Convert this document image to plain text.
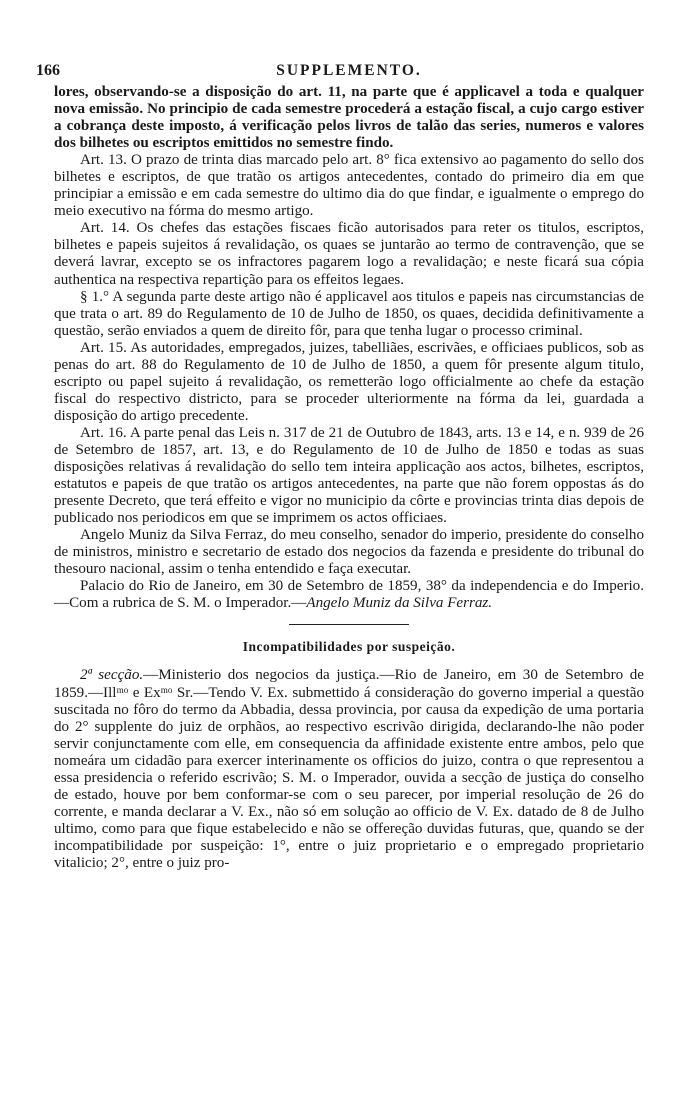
166	SUPPLEMENTO.

lores, observando-se a disposição do art. 11, na parte que é applicavel a toda e qualquer nova emissão. No principio de cada semestre procederá a estação fiscal, a cujo cargo estiver a cobrança deste imposto, á verificação pelos livros de talão das series, numeros e valores dos bilhetes ou escriptos emittidos no semestre findo.

Art. 13. O prazo de trinta dias marcado pelo art. 8° fica extensivo ao pagamento do sello dos bilhetes e escriptos, de que tratão os artigos antecedentes, contado do primeiro dia em que principiar a emissão e em cada semestre do ultimo dia do que findar, e igualmente o emprego do meio executivo na fórma do mesmo artigo.

Art. 14. Os chefes das estações fiscaes ficão autorisados para reter os titulos, escriptos, bilhetes e papeis sujeitos á revalidação, os quaes se juntarão ao termo de contravenção, que se deverá lavrar, excepto se os infractores pagarem logo a revalidação; e neste ficará sua cópia authentica na respectiva repartição para os effeitos legaes.

§ 1.° A segunda parte deste artigo não é applicavel aos titulos e papeis nas circumstancias de que trata o art. 89 do Regulamento de 10 de Julho de 1850, os quaes, decidida definitivamente a questão, serão enviados a quem de direito fôr, para que tenha lugar o processo criminal.

Art. 15. As autoridades, empregados, juizes, tabelliães, escrivães, e officiaes publicos, sob as penas do art. 88 do Regulamento de 10 de Julho de 1850, a quem fôr presente algum titulo, escripto ou papel sujeito á revalidação, os remetterão logo officialmente ao chefe da estação fiscal do respectivo districto, para se proceder ulteriormente na fórma da lei, guardada a disposição do artigo precedente.

Art. 16. A parte penal das Leis n. 317 de 21 de Outubro de 1843, arts. 13 e 14, e n. 939 de 26 de Setembro de 1857, art. 13, e do Regulamento de 10 de Julho de 1850 e todas as suas disposições relativas á revalidação do sello tem inteira applicação aos actos, bilhetes, escriptos, estatutos e papeis de que tratão os artigos antecedentes, na parte que não forem oppostas ás do presente Decreto, que terá effeito e vigor no municipio da côrte e provincias trinta dias depois de publicado nos periodicos em que se imprimem os actos officiaes.

Angelo Muniz da Silva Ferraz, do meu conselho, senador do imperio, presidente do conselho de ministros, ministro e secretario de estado dos negocios da fazenda e presidente do tribunal do thesouro nacional, assim o tenha entendido e faça executar.

Palacio do Rio de Janeiro, em 30 de Setembro de 1859, 38° da independencia e do Imperio.—Com a rubrica de S. M. o Imperador.—Angelo Muniz da Silva Ferraz.

Incompatibilidades por suspeição.

2ª secção.—Ministerio dos negocios da justiça.—Rio de Janeiro, em 30 de Setembro de 1859.—Illᵐᵒ e Exᵐᵒ Sr.—Tendo V. Ex. submettido á consideração do governo imperial a questão suscitada no fôro do termo da Abbadia, dessa provincia, por causa da expedição de uma portaria do 2° supplente do juiz de orphãos, ao respectivo escrivão dirigida, declarando-lhe não poder servir conjunctamente com elle, em consequencia da affinidade existente entre ambos, pelo que nomeára um cidadão para exercer interinamente os officios do juizo, contra o que representou a essa presidencia o referido escrivão; S. M. o Imperador, ouvida a secção de justiça do conselho de estado, houve por bem conformar-se com o seu parecer, por imperial resolução de 26 do corrente, e manda declarar a V. Ex., não só em solução ao officio de V. Ex. datado de 8 de Julho ultimo, como para que fique estabelecido e não se offereção duvidas futuras, que, quando se der incompatibilidade por suspeição: 1°, entre o juiz proprietario e o empregado proprietario vitalicio; 2°, entre o juiz pro-
